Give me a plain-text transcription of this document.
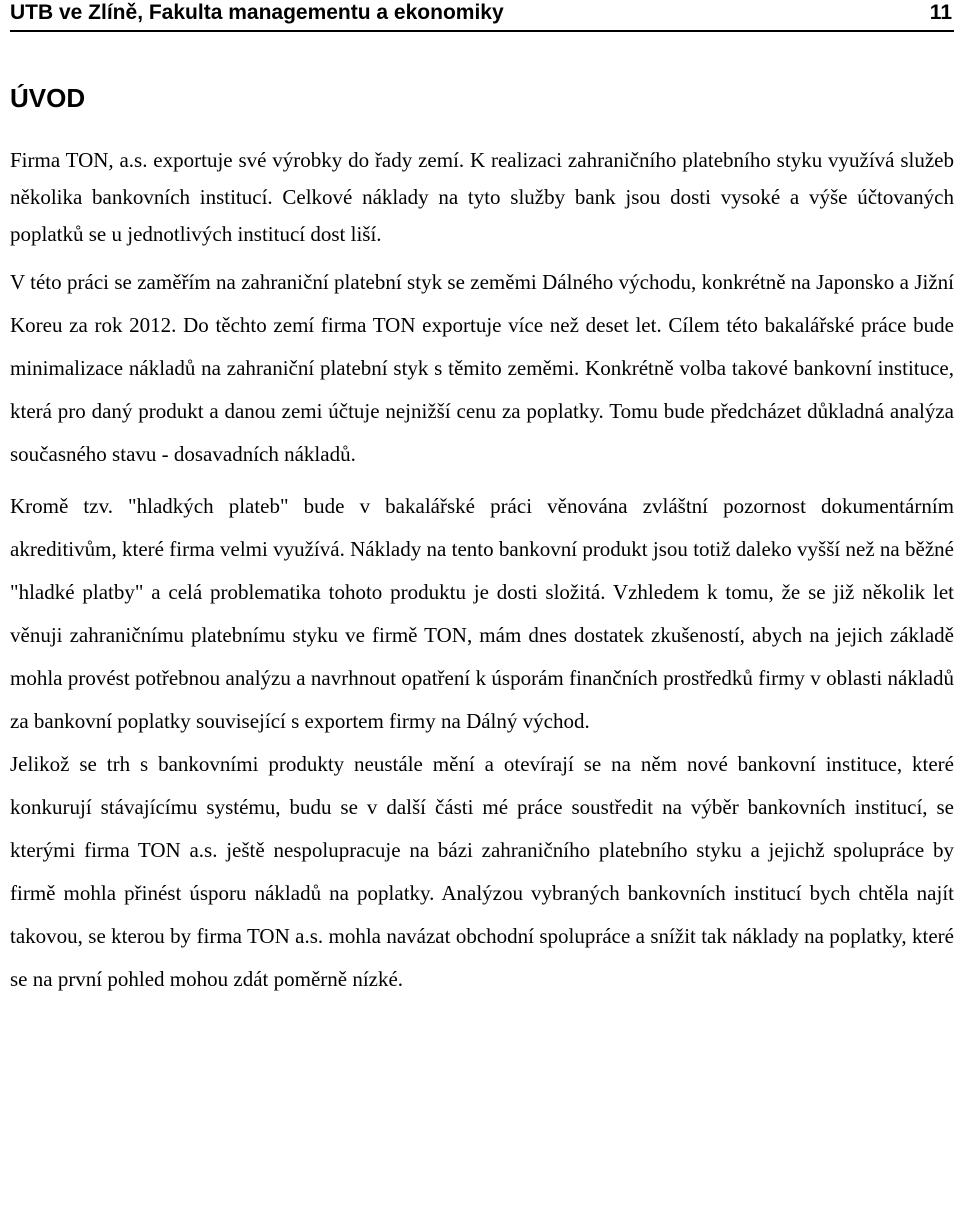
UTB ve Zlíně, Fakulta managementu a ekonomiky	11
ÚVOD

Firma TON, a.s. exportuje své výrobky do řady zemí. K realizaci zahraničního platebního styku využívá služeb několika bankovních institucí. Celkové náklady na tyto služby bank jsou dosti vysoké a výše účtovaných poplatků se u jednotlivých institucí dost liší.

V této práci se zaměřím na zahraniční platební styk se zeměmi Dálného východu, konkrétně na Japonsko a Jižní Koreu za rok 2012. Do těchto zemí firma TON exportuje více než deset let. Cílem této bakalářské práce bude minimalizace nákladů na zahraniční platební styk s těmito zeměmi. Konkrétně volba takové bankovní instituce, která pro daný produkt a danou zemi účtuje nejnižší cenu za poplatky. Tomu bude předcházet důkladná analýza současného stavu - dosavadních nákladů.

Kromě tzv. "hladkých plateb" bude v bakalářské práci věnována zvláštní pozornost dokumentárním akreditivům, které firma velmi využívá. Náklady na tento bankovní produkt jsou totiž daleko vyšší než na běžné "hladké platby" a celá problematika tohoto produktu je dosti složitá. Vzhledem k tomu, že se již několik let věnuji zahraničnímu platebnímu styku ve firmě TON, mám dnes dostatek zkušeností, abych na jejich základě mohla provést potřebnou analýzu a navrhnout opatření k úsporám finančních prostředků firmy v oblasti nákladů za bankovní poplatky související s exportem firmy na Dálný východ.

Jelikož se trh s bankovními produkty neustále mění a otevírají se na něm nové bankovní instituce, které konkurují stávajícímu systému, budu se v další části mé práce soustředit na výběr bankovních institucí, se kterými firma TON a.s. ještě nespolupracuje na bázi zahraničního platebního styku a jejichž spolupráce by firmě mohla přinést úsporu nákladů na poplatky. Analýzou vybraných bankovních institucí bych chtěla najít takovou, se kterou by firma TON a.s. mohla navázat obchodní spolupráce a snížit tak náklady na poplatky, které se na první pohled mohou zdát poměrně nízké.
